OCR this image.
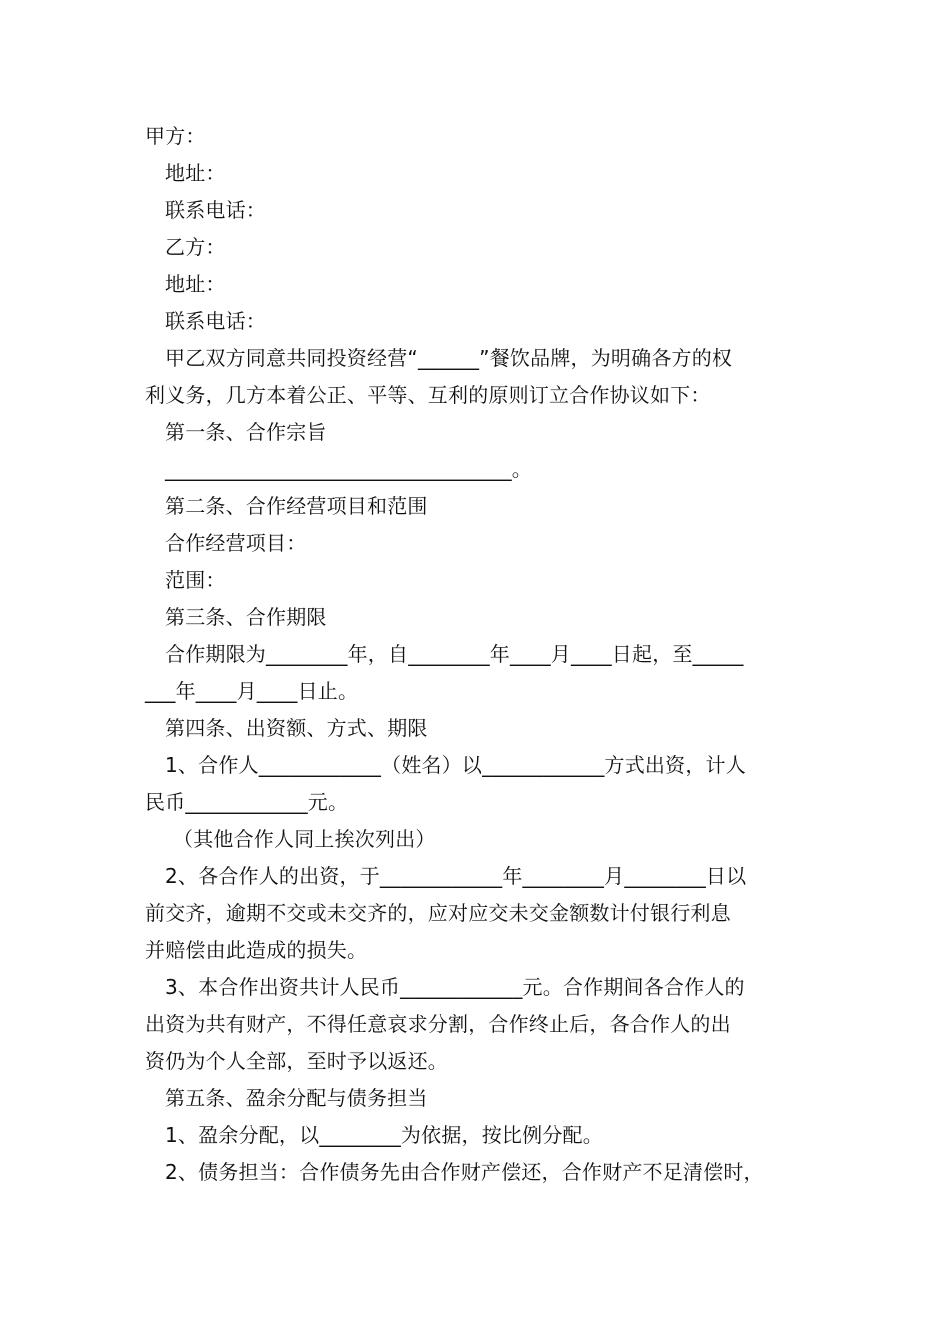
甲方：
地址：
联系电话：
乙方：
地址：
联系电话：
甲乙双方同意共同投资经营“______”餐饮品牌，为明确各方的权
利义务，几方本着公正、平等、互利的原则订立合作协议如下：
第一条、合作宗旨
__________________________________。
第二条、合作经营项目和范围
合作经营项目：
范围：
第三条、合作期限
合作期限为________年，自________年____月____日起，至_____
___年____月____日止。
第四条、出资额、方式、期限
1、合作人____________（姓名）以____________方式出资，计人
民币____________元。
（其他合作人同上挨次列出）
2、各合作人的出资，于____________年________月________日以
前交齐，逾期不交或未交齐的，应对应交未交金额数计付银行利息
并赔偿由此造成的损失。
3、本合作出资共计人民币____________元。合作期间各合作人的
出资为共有财产，不得任意哀求分割，合作终止后，各合作人的出
资仍为个人全部，至时予以返还。
第五条、盈余分配与债务担当
1、盈余分配，以________为依据，按比例分配。
2、债务担当：合作债务先由合作财产偿还，合作财产不足清偿时，
